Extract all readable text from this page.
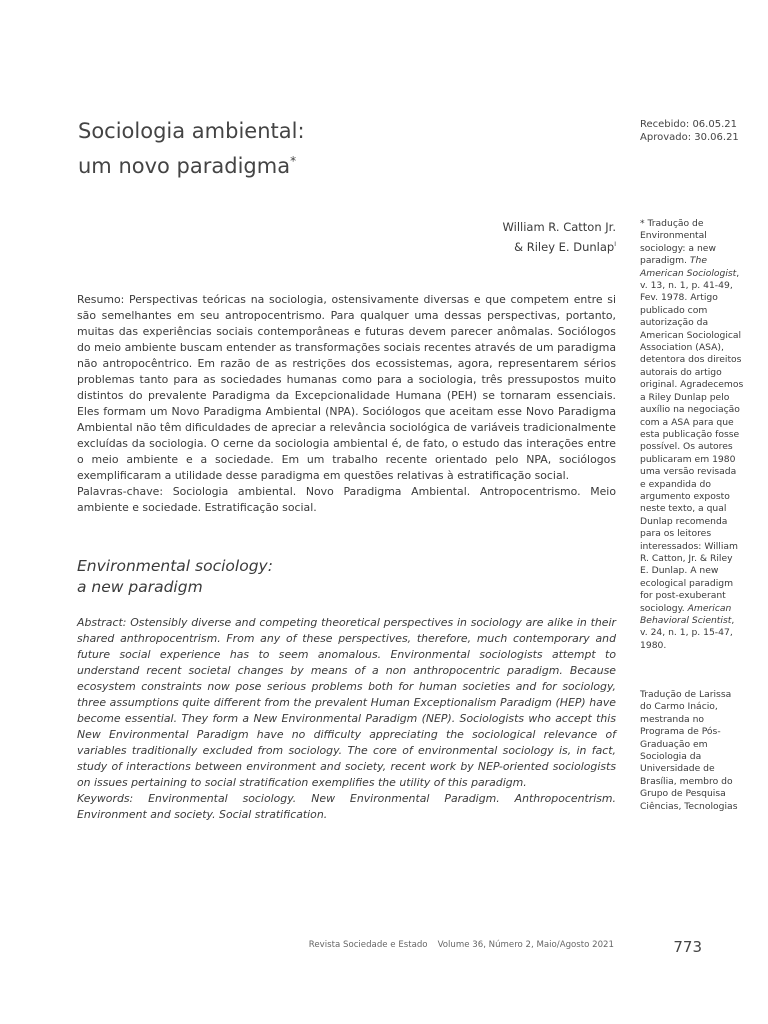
Sociologia ambiental:
um novo paradigma*
Recebido: 06.05.21
Aprovado: 30.06.21
William R. Catton Jr.
& Riley E. Dunlap$^I$
Resumo: Perspectivas teóricas na sociologia, ostensivamente diversas e que competem entre si são semelhantes em seu antropocentrismo. Para qualquer uma dessas perspectivas, portanto, muitas das experiências sociais contemporâneas e futuras devem parecer anômalas. Sociólogos do meio ambiente buscam entender as transformações sociais recentes através de um paradigma não antropocêntrico. Em razão de as restrições dos ecossistemas, agora, representarem sérios problemas tanto para as sociedades humanas como para a sociologia, três pressupostos muito distintos do prevalente Paradigma da Excepcionalidade Humana (PEH) se tornaram essenciais. Eles formam um Novo Paradigma Ambiental (NPA). Sociólogos que aceitam esse Novo Paradigma Ambiental não têm dificuldades de apreciar a relevância sociológica de variáveis tradicionalmente excluídas da sociologia. O cerne da sociologia ambiental é, de fato, o estudo das interações entre o meio ambiente e a sociedade. Em um trabalho recente orientado pelo NPA, sociólogos exemplificaram a utilidade desse paradigma em questões relativas à estratificação social.
Palavras-chave: Sociologia ambiental. Novo Paradigma Ambiental. Antropocentrismo. Meio ambiente e sociedade. Estratificação social.
Environmental sociology:
a new paradigm
Abstract: Ostensibly diverse and competing theoretical perspectives in sociology are alike in their shared anthropocentrism. From any of these perspectives, therefore, much contemporary and future social experience has to seem anomalous. Environmental sociologists attempt to understand recent societal changes by means of a non anthropocentric paradigm. Because ecosystem constraints now pose serious problems both for human societies and for sociology, three assumptions quite different from the prevalent Human Exceptionalism Paradigm (HEP) have become essential. They form a New Environmental Paradigm (NEP). Sociologists who accept this New Environmental Paradigm have no difficulty appreciating the sociological relevance of variables traditionally excluded from sociology. The core of environmental sociology is, in fact, study of interactions between environment and society, recent work by NEP-oriented sociologists on issues pertaining to social stratification exemplifies the utility of this paradigm.
Keywords: Environmental sociology. New Environmental Paradigm. Anthropocentrism. Environment and society. Social stratification.
* Tradução de Environmental sociology: a new paradigm. The American Sociologist, v. 13, n. 1, p. 41-49, Fev. 1978. Artigo publicado com autorização da American Sociological Association (ASA), detentora dos direitos autorais do artigo original. Agradecemos a Riley Dunlap pelo auxílio na negociação com a ASA para que esta publicação fosse possível. Os autores publicaram em 1980 uma versão revisada e expandida do argumento exposto neste texto, a qual Dunlap recomenda para os leitores interessados: William R. Catton, Jr. & Riley E. Dunlap. A new ecological paradigm for post-exuberant sociology. American Behavioral Scientist, v. 24, n. 1, p. 15-47, 1980.
Tradução de Larissa do Carmo Inácio, mestranda no Programa de Pós-Graduação em Sociologia da Universidade de Brasília, membro do Grupo de Pesquisa Ciências, Tecnologias
Revista Sociedade e Estado Volume 36, Número 2, Maio/Agosto 2021	773
